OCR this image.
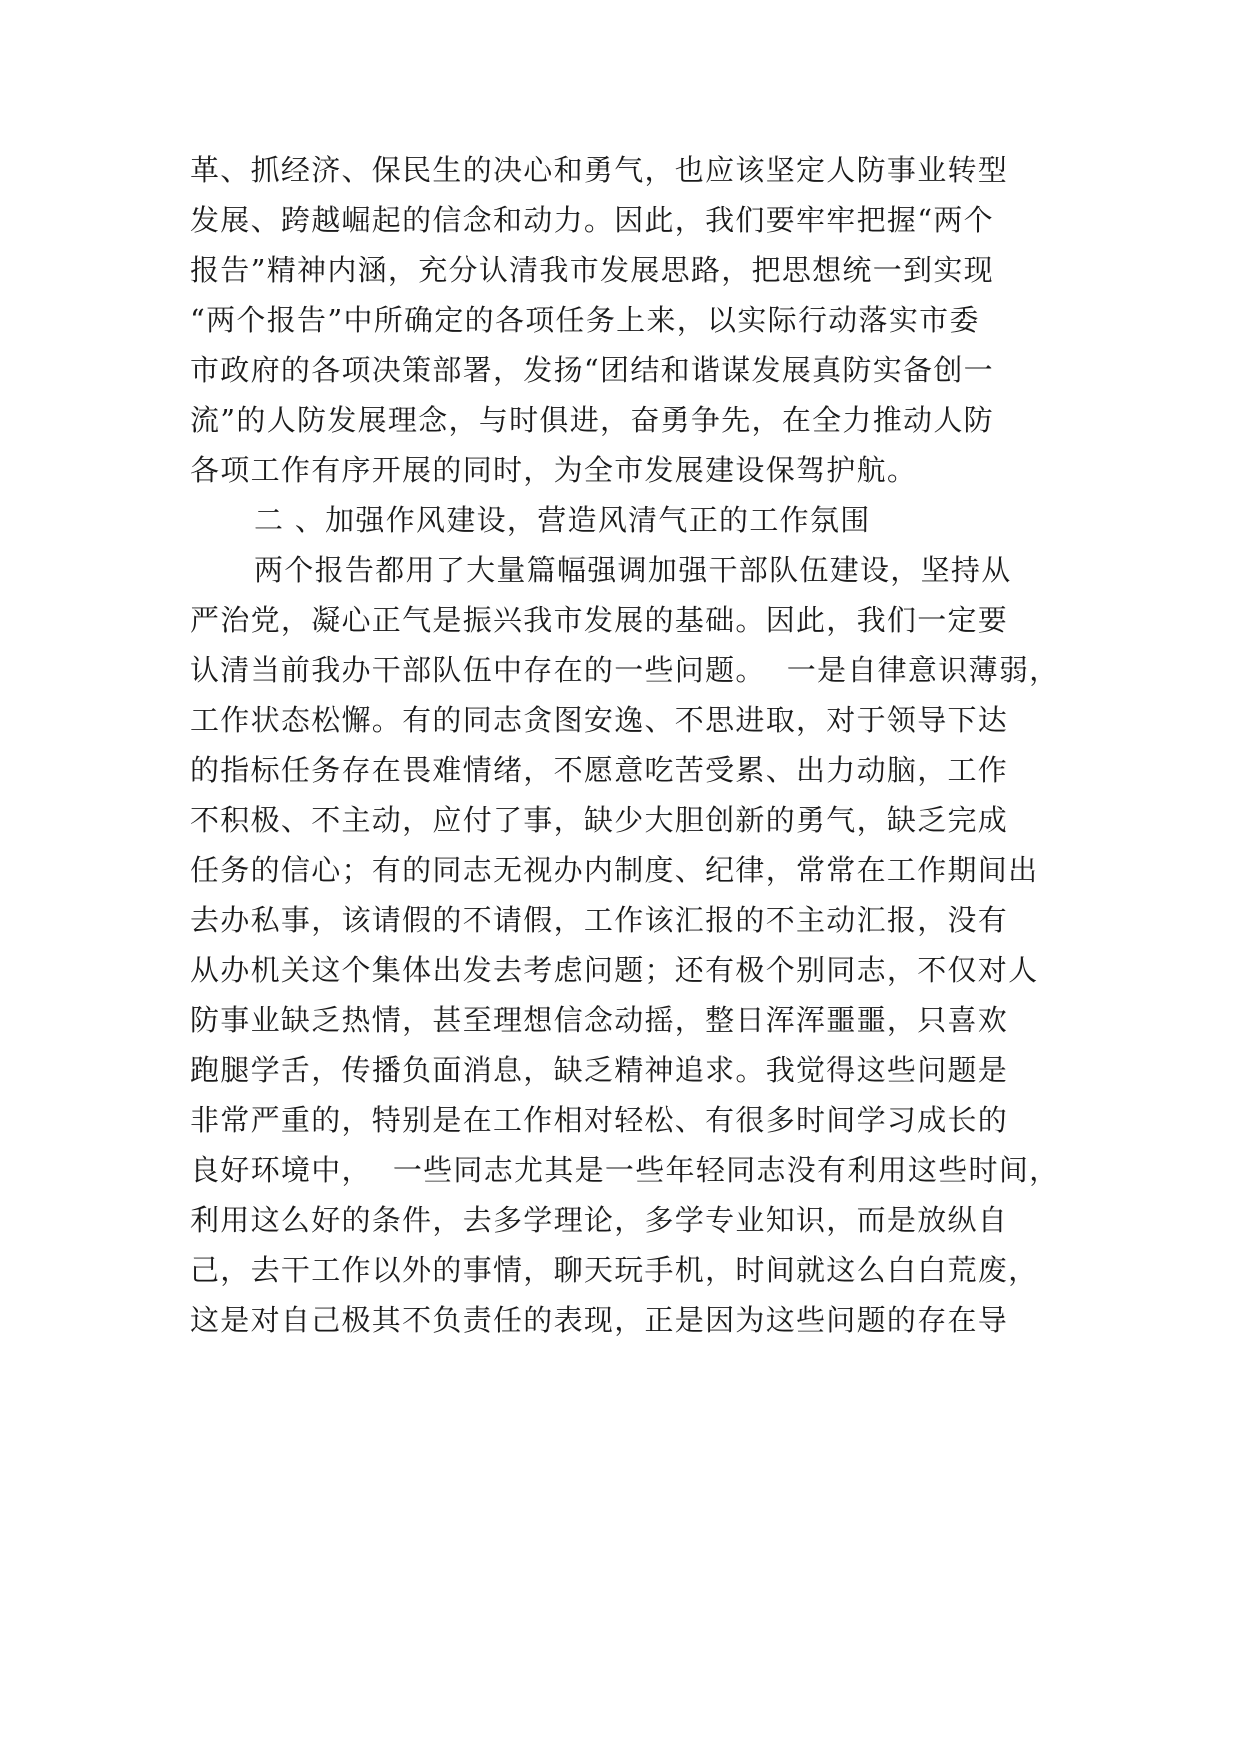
革、抓经济、保民生的决心和勇气，也应该坚定人防事业转型
发展、跨越崛起的信念和动力。因此，我们要牢牢把握“两个
报告”精神内涵，充分认清我市发展思路，把思想统一到实现
“两个报告”中所确定的各项任务上来，以实际行动落实市委
市政府的各项决策部署，发扬“团结和谐谋发展真防实备创一
流”的人防发展理念，与时俱进，奋勇争先，在全力推动人防
各项工作有序开展的同时，为全市发展建设保驾护航。
二 、加强作风建设，营造风清气正的工作氛围
两个报告都用了大量篇幅强调加强干部队伍建设，坚持从
严治党，凝心正气是振兴我市发展的基础。因此，我们一定要
认清当前我办干部队伍中存在的一些问题。  一是自律意识薄弱，
工作状态松懈。有的同志贪图安逸、不思进取，对于领导下达
的指标任务存在畏难情绪，不愿意吃苦受累、出力动脑，工作
不积极、不主动，应付了事，缺少大胆创新的勇气，缺乏完成
任务的信心；有的同志无视办内制度、纪律，常常在工作期间出
去办私事，该请假的不请假，工作该汇报的不主动汇报，没有
从办机关这个集体出发去考虑问题；还有极个别同志，不仅对人
防事业缺乏热情，甚至理想信念动摇，整日浑浑噩噩，只喜欢
跑腿学舌，传播负面消息，缺乏精神追求。我觉得这些问题是
非常严重的，特别是在工作相对轻松、有很多时间学习成长的
良好环境中，  一些同志尤其是一些年轻同志没有利用这些时间，
利用这么好的条件，去多学理论，多学专业知识，而是放纵自
己，去干工作以外的事情，聊天玩手机，时间就这么白白荒废，
这是对自己极其不负责任的表现，正是因为这些问题的存在导
